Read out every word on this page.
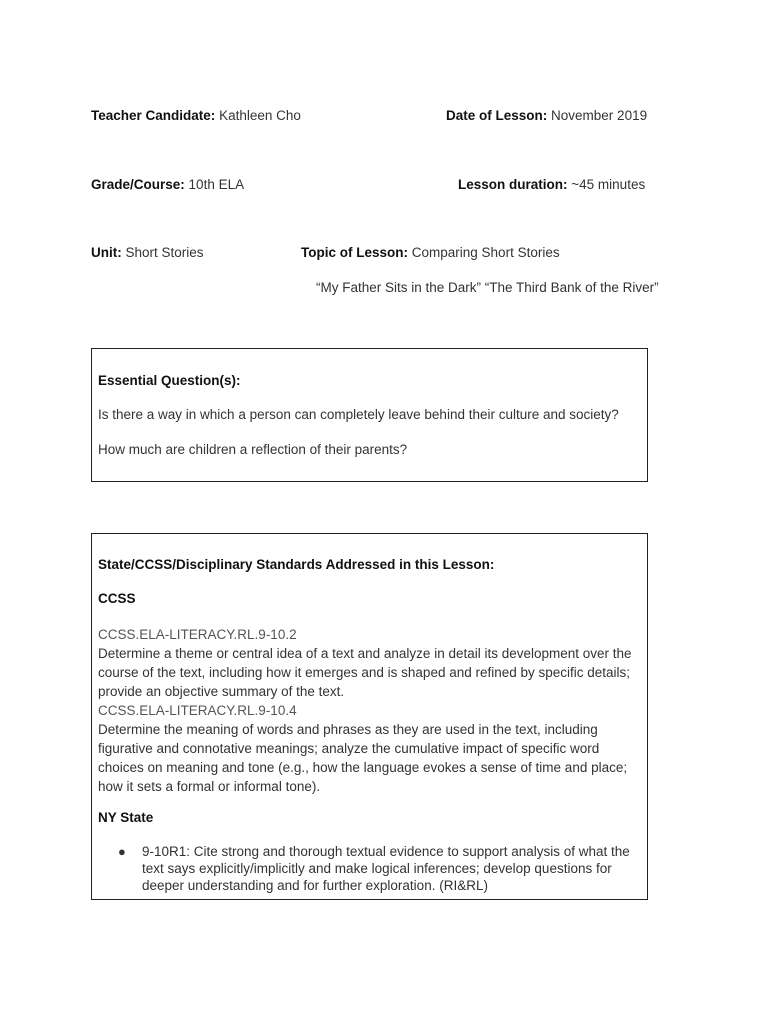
Teacher Candidate: Kathleen Cho	Date of Lesson: November 2019
Grade/Course: 10th ELA	Lesson duration: ~45 minutes
Unit: Short Stories	Topic of Lesson: Comparing Short Stories
“My Father Sits in the Dark” “The Third Bank of the River”
Essential Question(s):
Is there a way in which a person can completely leave behind their culture and society?
How much are children a reflection of their parents?
State/CCSS/Disciplinary Standards Addressed in this Lesson:
CCSS
CCSS.ELA-LITERACY.RL.9-10.2
Determine a theme or central idea of a text and analyze in detail its development over the course of the text, including how it emerges and is shaped and refined by specific details; provide an objective summary of the text.
CCSS.ELA-LITERACY.RL.9-10.4
Determine the meaning of words and phrases as they are used in the text, including figurative and connotative meanings; analyze the cumulative impact of specific word choices on meaning and tone (e.g., how the language evokes a sense of time and place; how it sets a formal or informal tone).
NY State
● 9-10R1: Cite strong and thorough textual evidence to support analysis of what the text says explicitly/implicitly and make logical inferences; develop questions for deeper understanding and for further exploration. (RI&RL)
